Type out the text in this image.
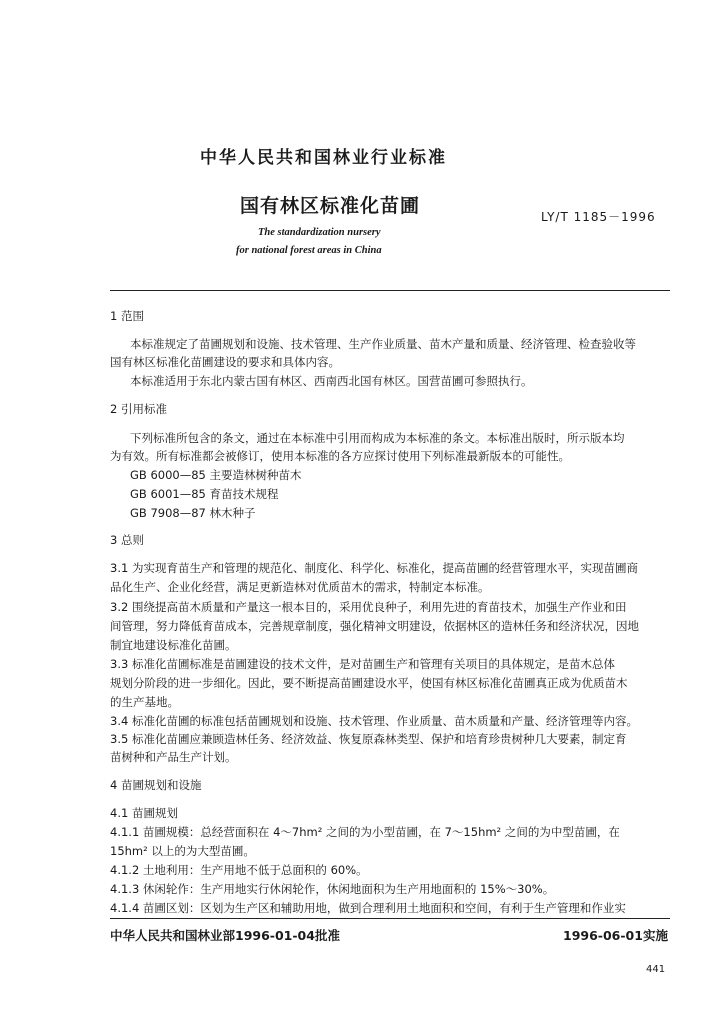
中华人民共和国林业行业标准
国有林区标准化苗圃	LY/T 1185－1996
The standardization nursery
for national forest areas in China
1 范围
本标准规定了苗圃规划和设施、技术管理、生产作业质量、苗木产量和质量、经济管理、检查验收等
国有林区标准化苗圃建设的要求和具体内容。
本标准适用于东北内蒙古国有林区、西南西北国有林区。国营苗圃可参照执行。
2 引用标准
下列标准所包含的条文，通过在本标准中引用而构成为本标准的条文。本标准出版时，所示版本均
为有效。所有标准都会被修订，使用本标准的各方应探讨使用下列标准最新版本的可能性。
GB 6000—85 主要造林树种苗木
GB 6001—85 育苗技术规程
GB 7908—87 林木种子
3 总则
3.1 为实现育苗生产和管理的规范化、制度化、科学化、标准化，提高苗圃的经营管理水平，实现苗圃商
品化生产、企业化经营，满足更新造林对优质苗木的需求，特制定本标准。
3.2 围绕提高苗木质量和产量这一根本目的，采用优良种子，利用先进的育苗技术，加强生产作业和田
间管理，努力降低育苗成本，完善规章制度，强化精神文明建设，依据林区的造林任务和经济状况，因地
制宜地建设标准化苗圃。
3.3 标准化苗圃标准是苗圃建设的技术文件，是对苗圃生产和管理有关项目的具体规定，是苗木总体
规划分阶段的进一步细化。因此，要不断提高苗圃建设水平，使国有林区标准化苗圃真正成为优质苗木
的生产基地。
3.4 标准化苗圃的标准包括苗圃规划和设施、技术管理、作业质量、苗木质量和产量、经济管理等内容。
3.5 标准化苗圃应兼顾造林任务、经济效益、恢复原森林类型、保护和培育珍贵树种几大要素，制定育
苗树种和产品生产计划。
4 苗圃规划和设施
4.1 苗圃规划
4.1.1 苗圃规模：总经营面积在 4～7hm² 之间的为小型苗圃，在 7～15hm² 之间的为中型苗圃，在
15hm² 以上的为大型苗圃。
4.1.2 土地利用：生产用地不低于总面积的 60%。
4.1.3 休闲轮作：生产用地实行休闲轮作，休闲地面积为生产用地面积的 15%～30%。
4.1.4 苗圃区划：区划为生产区和辅助用地，做到合理利用土地面积和空间，有利于生产管理和作业实
中华人民共和国林业部1996-01-04批准	1996-06-01实施
441
